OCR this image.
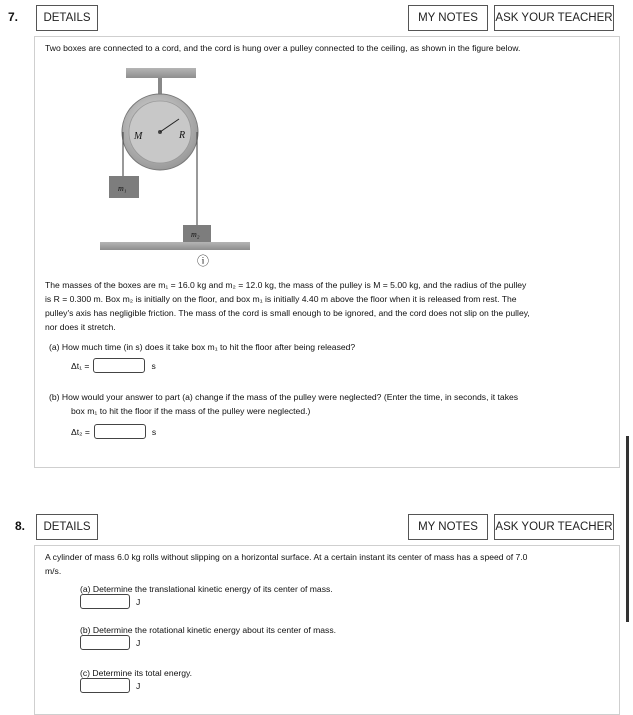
7.	DETAILS	MY NOTES	ASK YOUR TEACHER
Two boxes are connected to a cord, and the cord is hung over a pulley connected to the ceiling, as shown in the figure below.
M	R
m₁
m₂
ⓘ
The masses of the boxes are m₁ = 16.0 kg and m₂ = 12.0 kg, the mass of the pulley is M = 5.00 kg, and the radius of the pulley
is R = 0.300 m. Box m₂ is initially on the floor, and box m₁ is initially 4.40 m above the floor when it is released from rest. The
pulley's axis has negligible friction. The mass of the cord is small enough to be ignored, and the cord does not slip on the pulley,
nor does it stretch.
(a) How much time (in s) does it take box m₁ to hit the floor after being released?
Δt₁ =	s
(b) How would your answer to part (a) change if the mass of the pulley were neglected? (Enter the time, in seconds, it takes
box m₁ to hit the floor if the mass of the pulley were neglected.)
Δt₂ =	s
8.	DETAILS	MY NOTES	ASK YOUR TEACHER
A cylinder of mass 6.0 kg rolls without slipping on a horizontal surface. At a certain instant its center of mass has a speed of 7.0
m/s.
(a) Determine the translational kinetic energy of its center of mass.
J
(b) Determine the rotational kinetic energy about its center of mass.
J
(c) Determine its total energy.
J
